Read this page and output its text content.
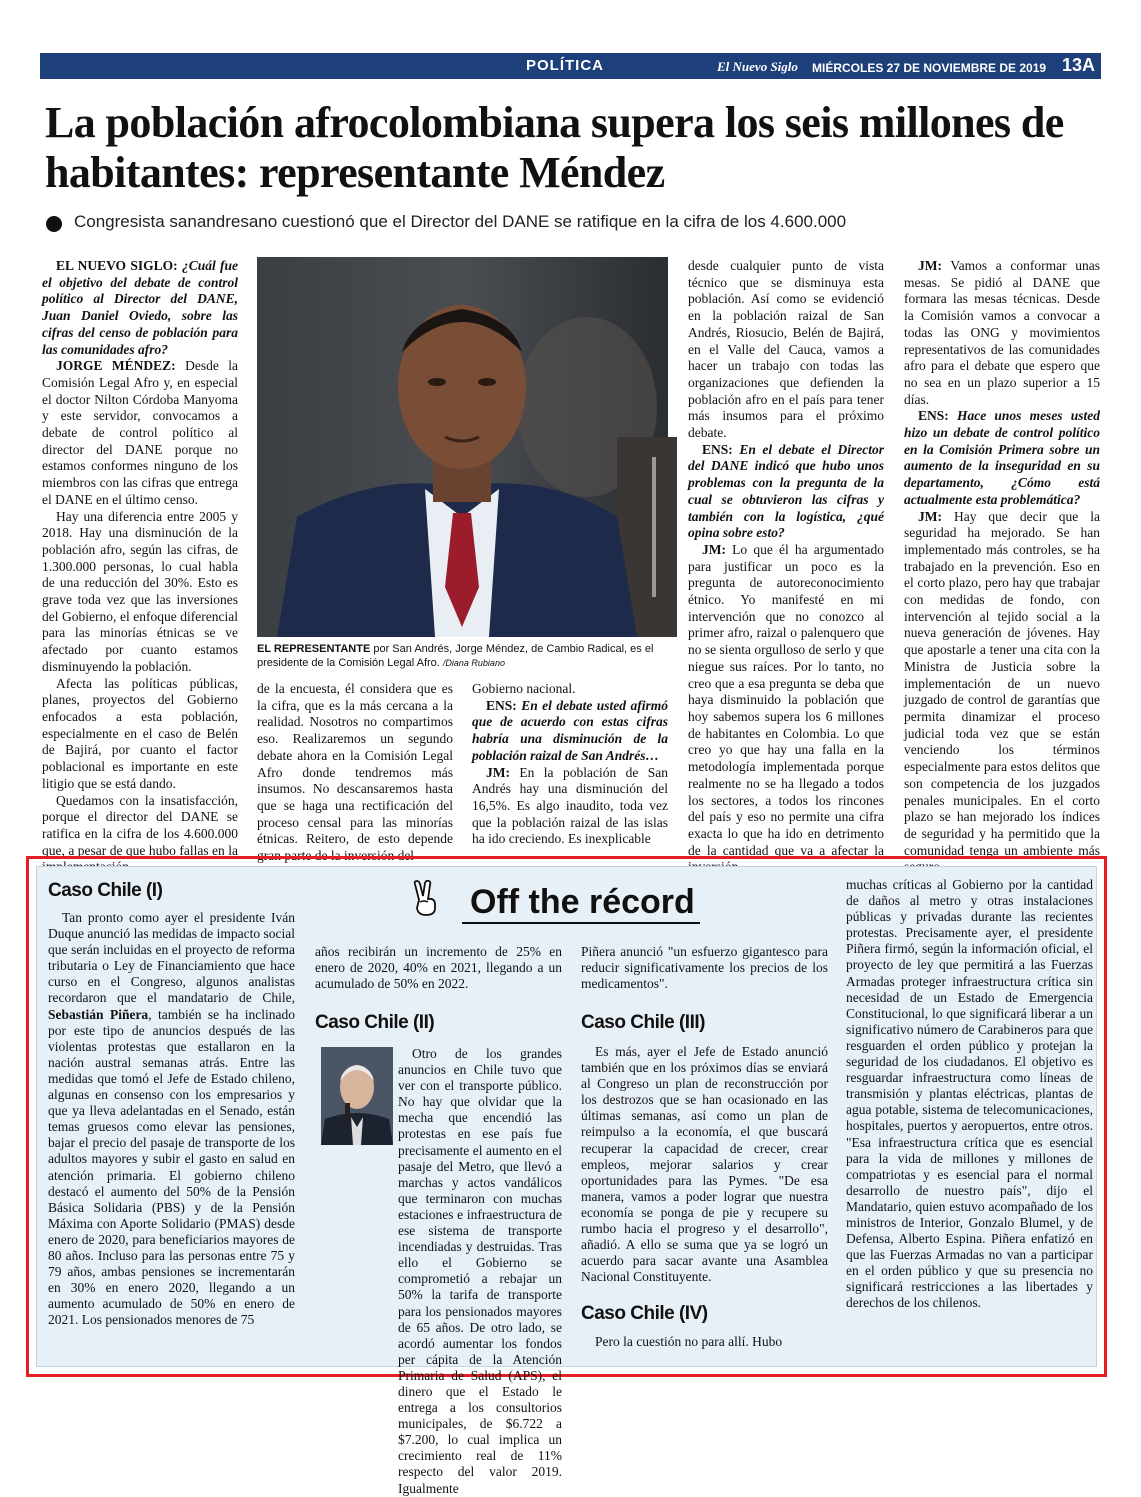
POLÍTICA	El Nuevo Siglo MIÉRCOLES 27 DE NOVIEMBRE DE 2019 13A
La población afrocolombiana supera los seis millones de habitantes: representante Méndez
Congresista sanandresano cuestionó que el Director del DANE se ratifique en la cifra de los 4.600.000

EL NUEVO SIGLO: ¿Cuál fue el objetivo del debate de control político al Director del DANE, Juan Daniel Oviedo, sobre las cifras del censo de población para las comunidades afro?

JORGE MÉNDEZ: Desde la Comisión Legal Afro y, en especial el doctor Nilton Córdoba Manyoma y este servidor, convocamos a debate de control político al director del DANE porque no estamos conformes ninguno de los miembros con las cifras que entrega el DANE en el último censo.

Hay una diferencia entre 2005 y 2018. Hay una disminución de la población afro, según las cifras, de 1.300.000 personas, lo cual habla de una reducción del 30%. Esto es grave toda vez que las inversiones del Gobierno, el enfoque diferencial para las minorías étnicas se ve afectado por cuanto estamos disminuyendo la población.

Afecta las políticas públicas, planes, proyectos del Gobierno enfocados a esta población, especialmente en el caso de Belén de Bajirá, por cuanto el factor poblacional es importante en este litigio que se está dando.

Quedamos con la insatisfacción, porque el director del DANE se ratifica en la cifra de los 4.600.000 que, a pesar de que hubo fallas en la

EL REPRESENTANTE por San Andrés, Jorge Méndez, de Cambio Radical, es el presidente de la Comisión Legal Afro. /Diana Rubiano

de la encuesta, él considera que es la cifra, que es la más cercana a la realidad. Nosotros no compartimos eso. Realizaremos un segundo debate ahora en la Comisión Legal Afro donde tendremos más insumos. No descansaremos hasta que se haga una rectificación del proceso censal para las minorías étnicas. Reitero, de esto depende gran parte de la inversión del

Gobierno nacional.

ENS: En el debate usted afirmó que de acuerdo con estas cifras habría una disminución de la población raizal de San Andrés…

JM: En la población de San Andrés hay una disminución del 16,5%. Es algo inaudito, toda vez que la población raizal de las islas ha ido creciendo. Es inexplicable

desde cualquier punto de vista técnico que se disminuya esta población. Así como se evidenció en la población raizal de San Andrés, Riosucio, Belén de Bajirá, en el Valle del Cauca, vamos a hacer un trabajo con todas las organizaciones que defienden la población afro en el país para tener más insumos para el próximo debate.

ENS: En el debate el Director del DANE indicó que hubo unos problemas con la pregunta de la cual se obtuvieron las cifras y también con la logística, ¿qué opina sobre esto?

JM: Lo que él ha argumentado para justificar un poco es la pregunta de autoreconocimiento étnico. Yo manifesté en mi intervención que no conozco al primer afro, raizal o palenquero que no se sienta orgulloso de serlo y que niegue sus raíces. Por lo tanto, no creo que a esa pregunta se deba que haya disminuido la población que hoy sabemos supera los 6 millones de habitantes en Colombia. Lo que creo yo que hay una falla en la metodología implementada porque realmente no se ha llegado a todos los sectores, a todos los rincones del país y eso no permite una cifra exacta lo que ha ido en detrimento de la cantidad que va a afectar la

JM: Vamos a conformar unas mesas. Se pidió al DANE que formara las mesas técnicas. Desde la Comisión vamos a convocar a todas las ONG y movimientos representativos de las comunidades afro para el debate que espero que no sea en un plazo superior a 15 días.

ENS: Hace unos meses usted hizo un debate de control político en la Comisión Primera sobre un aumento de la inseguridad en su departamento, ¿Cómo está actualmente esta problemática?

JM: Hay que decir que la seguridad ha mejorado. Se han implementado más controles, se ha trabajado en la prevención. Eso en el corto plazo, pero hay que trabajar con medidas de fondo, con intervención al tejido social a la nueva generación de jóvenes. Hay que apostarle a tener una cita con la Ministra de Justicia sobre la implementación de un nuevo juzgado de control de garantías que permita dinamizar el proceso judicial toda vez que se están venciendo los términos especialmente para estos delitos que son competencia de los juzgados penales municipales. En el corto plazo se han mejorado los índices de seguridad y ha permitido que la comunidad tenga un ambiente más

Off the récord
Caso Chile (I)

Tan pronto como ayer el presidente Iván Duque anunció las medidas de impacto social que serán incluidas en el proyecto de reforma tributaria o Ley de Financiamiento que hace curso en el Congreso, algunos analistas recordaron que el mandatario de Chile, Sebastián Piñera, también se ha inclinado por este tipo de anuncios después de las violentas protestas que estallaron en la nación austral semanas atrás. Entre las medidas que tomó el Jefe de Estado chileno, algunas en consenso con los empresarios y que ya lleva adelantadas en el Senado, están temas gruesos como elevar las pensiones, bajar el precio del pasaje de transporte de los adultos mayores y subir el gasto en salud en atención primaria. El gobierno chileno destacó el aumento del 50% de la Pensión Básica Solidaria (PBS) y de la Pensión Máxima con Aporte Solidario (PMAS) desde enero de 2020, para beneficiarios mayores de 80 años. Incluso para las personas entre 75 y 79 años, ambas pensiones se incrementarán en 30% en enero 2020, llegando a un aumento acumulado de 50% en enero de 2021. Los pensionados menores de 75

años recibirán un incremento de 25% en enero de 2020, 40% en 2021, llegando a un acumulado de 50% en 2022.

Caso Chile (II)

Otro de los grandes anuncios en Chile tuvo que ver con el transporte público. No hay que olvidar que la mecha que encendió las protestas en ese país fue precisamente el aumento en el pasaje del Metro, que llevó a marchas y actos vandálicos que terminaron con muchas estaciones e infraestructura de ese sistema de transporte incendiadas y destruidas. Tras ello el Gobierno se comprometió a rebajar un 50% la tarifa de transporte para los pensionados mayores de 65 años. De otro lado, se acordó aumentar los fondos per cápita de la Atención Primaria de Salud (APS), el dinero que el Estado le entrega a los consultorios municipales, de $6.722 a $7.200, lo cual implica un crecimiento real de 11% respecto del valor 2019. Igualmente

Piñera anunció "un esfuerzo gigantesco para reducir significativamente los precios de los medicamentos".

Caso Chile (III)

Es más, ayer el Jefe de Estado anunció también que en los próximos días se enviará al Congreso un plan de reconstrucción por los destrozos que se han ocasionado en las últimas semanas, así como un plan de reimpulso a la economía, el que buscará recuperar la capacidad de crecer, crear empleos, mejorar salarios y crear oportunidades para las Pymes. "De esa manera, vamos a poder lograr que nuestra economía se ponga de pie y recupere su rumbo hacia el progreso y el desarrollo", añadió. A ello se suma que ya se logró un acuerdo para sacar avante una Asamblea Nacional Constituyente.

Caso Chile (IV)

Pero la cuestión no para allí. Hubo

muchas críticas al Gobierno por la cantidad de daños al metro y otras instalaciones públicas y privadas durante las recientes protestas. Precisamente ayer, el presidente Piñera firmó, según la información oficial, el proyecto de ley que permitirá a las Fuerzas Armadas proteger infraestructura crítica sin necesidad de un Estado de Emergencia Constitucional, lo que significará liberar a un significativo número de Carabineros para que resguarden el orden público y protejan la seguridad de los ciudadanos. El objetivo es resguardar infraestructura como líneas de transmisión y plantas eléctricas, plantas de agua potable, sistema de telecomunicaciones, hospitales, puertos y aeropuertos, entre otros. "Esa infraestructura crítica que es esencial para la vida de millones y millones de compatriotas y es esencial para el normal desarrollo de nuestro país", dijo el Mandatario, quien estuvo acompañado de los ministros de Interior, Gonzalo Blumel, y de Defensa, Alberto Espina. Piñera enfatizó en que las Fuerzas Armadas no van a participar en el orden público y que su presencia no significará restricciones a las libertades y derechos de los chilenos.
